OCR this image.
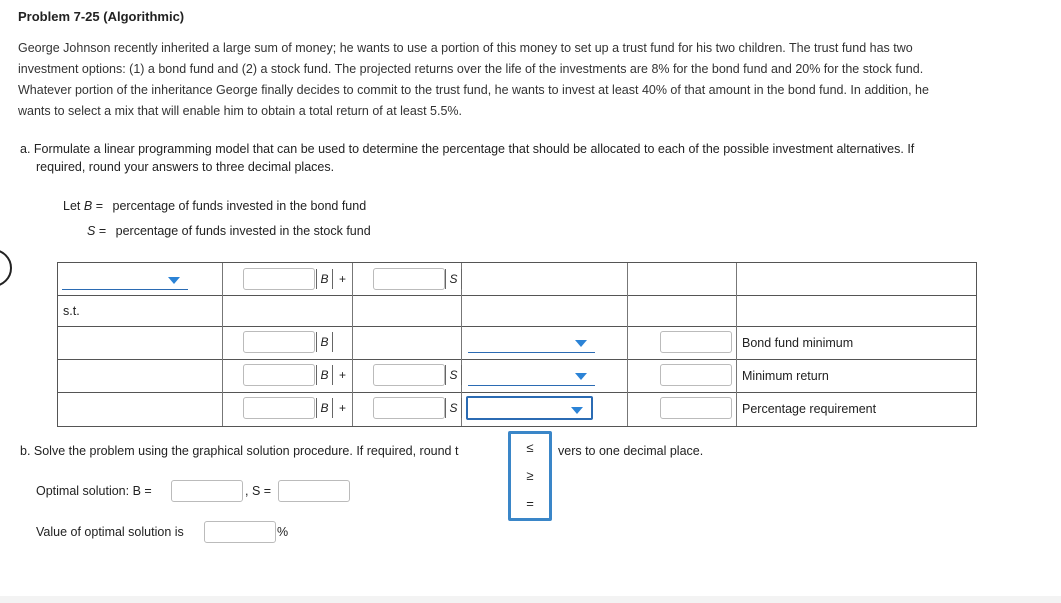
Problem 7-25 (Algorithmic)
George Johnson recently inherited a large sum of money; he wants to use a portion of this money to set up a trust fund for his two children. The trust fund has two
investment options: (1) a bond fund and (2) a stock fund. The projected returns over the life of the investments are 8% for the bond fund and 20% for the stock fund.
Whatever portion of the inheritance George finally decides to commit to the trust fund, he wants to invest at least 40% of that amount in the bond fund. In addition, he
wants to select a mix that will enable him to obtain a total return of at least 5.5%.
a. Formulate a linear programming model that can be used to determine the percentage that should be allocated to each of the possible investment alternatives. If
required, round your answers to three decimal places.
Let B = percentage of funds invested in the bond fund
S = percentage of funds invested in the stock fund
B +	S
s.t.
B	Bond fund minimum
B +	S	Minimum return
B +	S	Percentage requirement
b. Solve the problem using the graphical solution procedure. If required, round t	vers to one decimal place.
≤
≥
=
Optimal solution: B =	, S =
Value of optimal solution is	%
